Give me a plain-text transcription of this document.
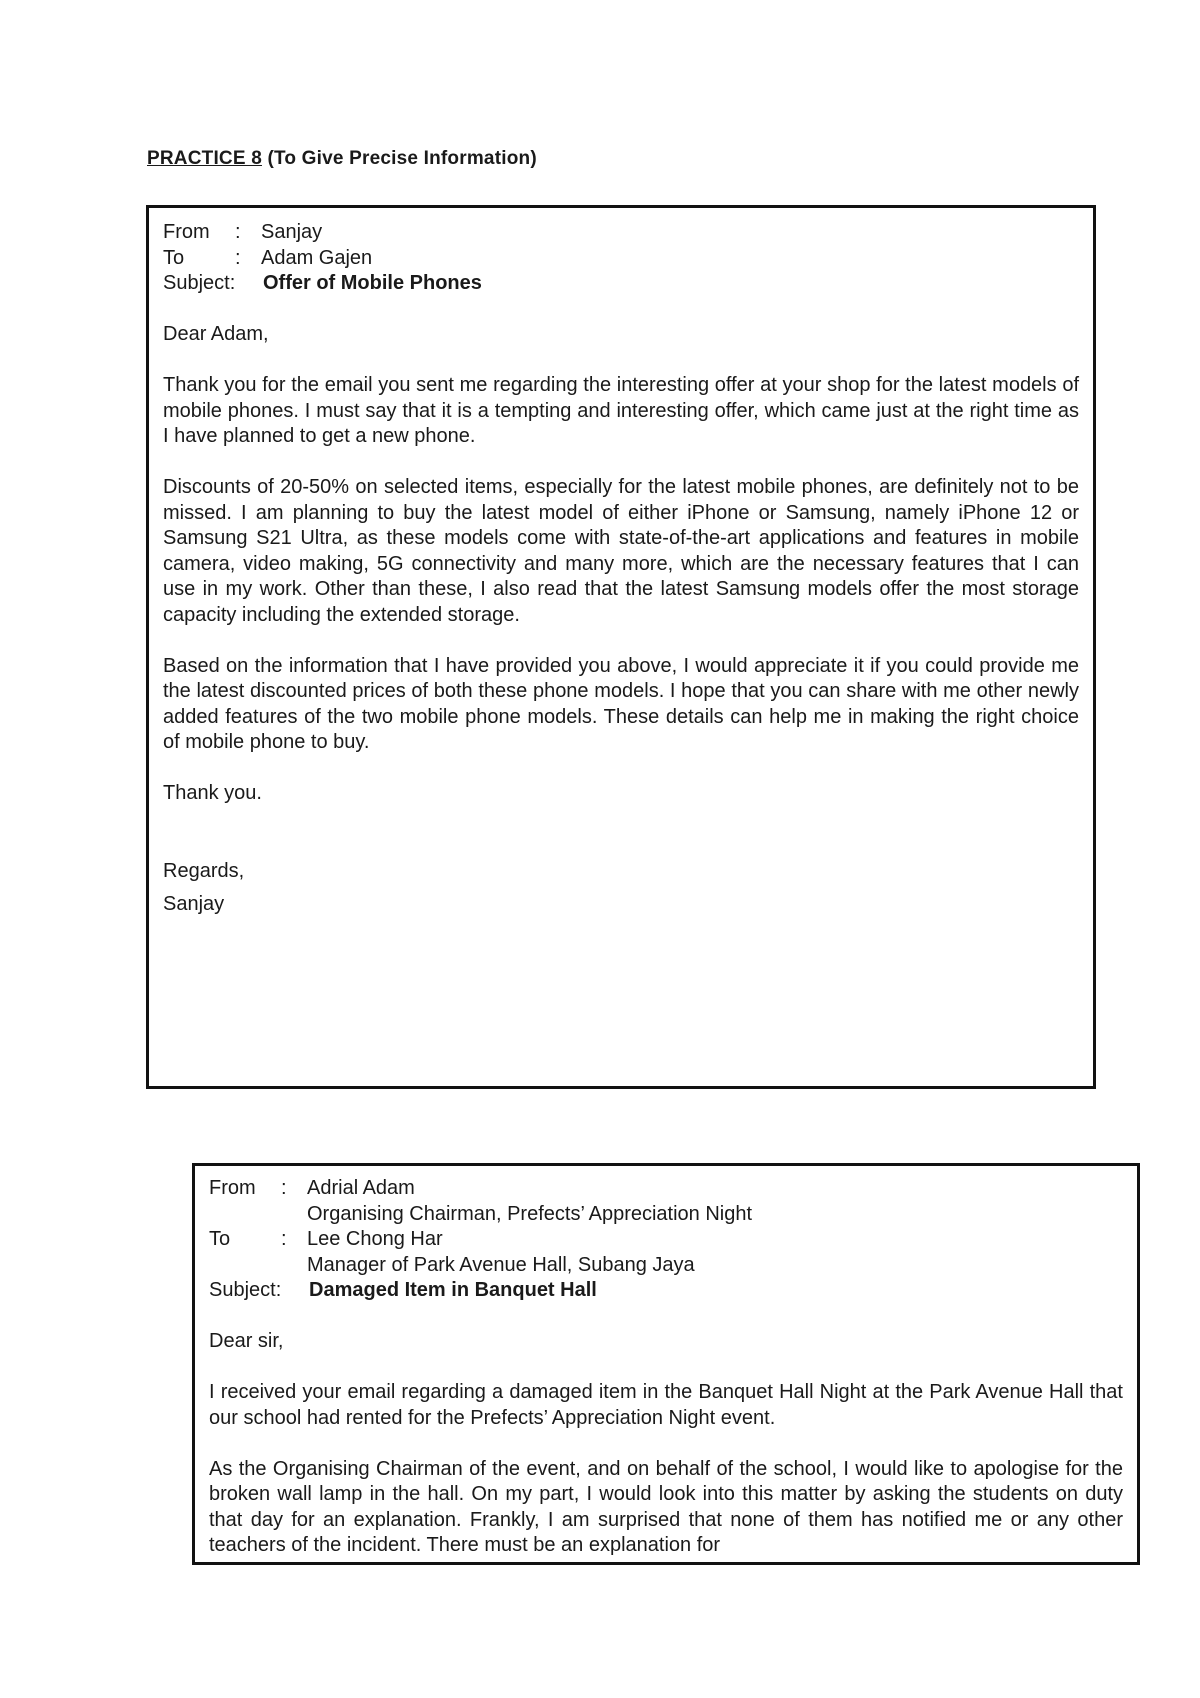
PRACTICE 8 (To Give Precise Information)
From	:	Sanjay
To	:	Adam Gajen
Subject:	Offer of Mobile Phones
Dear Adam,

Thank you for the email you sent me regarding the interesting offer at your shop for the latest models of mobile phones. I must say that it is a tempting and interesting offer, which came just at the right time as I have planned to get a new phone.

Discounts of 20-50% on selected items, especially for the latest mobile phones, are definitely not to be missed. I am planning to buy the latest model of either iPhone or Samsung, namely iPhone 12 or Samsung S21 Ultra, as these models come with state-of-the-art applications and features in mobile camera, video making, 5G connectivity and many more, which are the necessary features that I can use in my work. Other than these, I also read that the latest Samsung models offer the most storage capacity including the extended storage.

Based on the information that I have provided you above, I would appreciate it if you could provide me the latest discounted prices of both these phone models. I hope that you can share with me other newly added features of the two mobile phone models. These details can help me in making the right choice of mobile phone to buy.

Thank you.
Regards,
Sanjay
From	:	Adrial Adam
Organising Chairman, Prefects’ Appreciation Night
To	:	Lee Chong Har
Manager of Park Avenue Hall, Subang Jaya
Subject:	Damaged Item in Banquet Hall
Dear sir,

I received your email regarding a damaged item in the Banquet Hall Night at the Park Avenue Hall that our school had rented for the Prefects’ Appreciation Night event.

As the Organising Chairman of the event, and on behalf of the school, I would like to apologise for the broken wall lamp in the hall. On my part, I would look into this matter by asking the students on duty that day for an explanation. Frankly, I am surprised that none of them has notified me or any other teachers of the incident. There must be an explanation for
